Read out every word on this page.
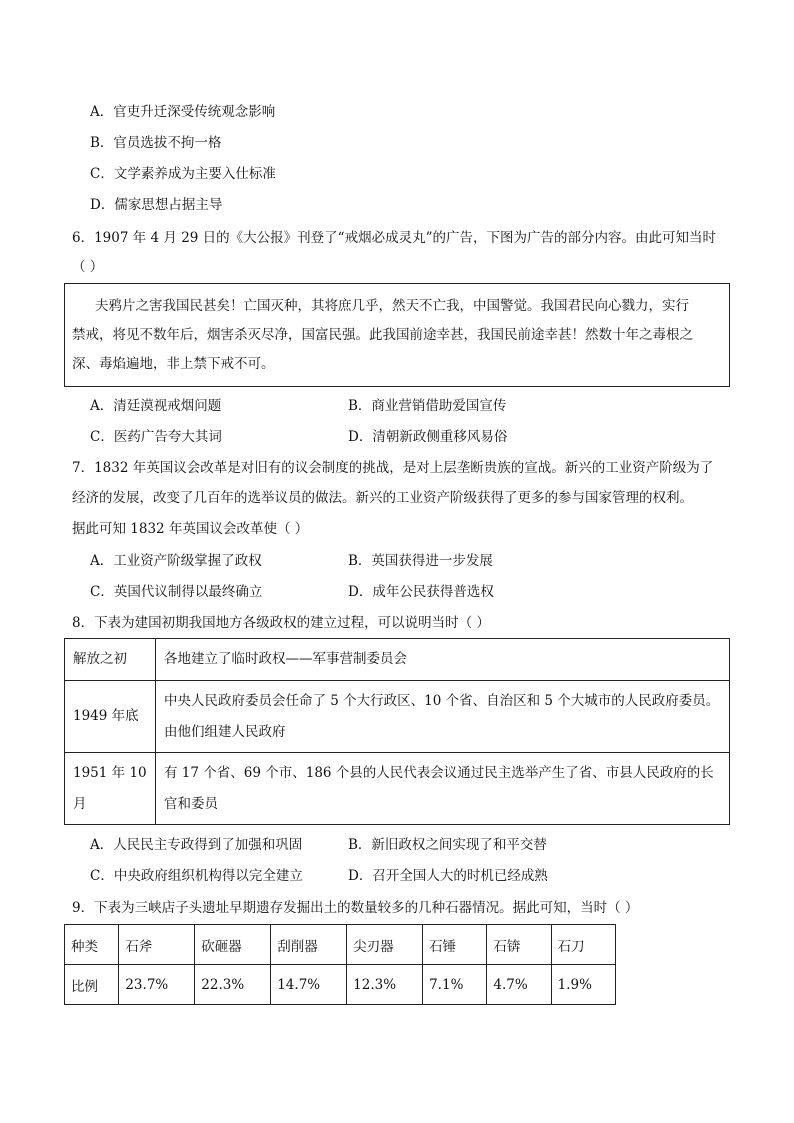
A．官吏升迁深受传统观念影响
B．官员选拔不拘一格
C．文学素养成为主要入仕标准
D．儒家思想占据主导
6．1907 年 4 月 29 日的《大公报》刊登了“戒烟必成灵丸”的广告，下图为广告的部分内容。由此可知当时
（ ）
夫鸦片之害我国民甚矣！亡国灭种，其将庶几乎，然天不亡我，中国警觉。我国君民向心戮力，实行
禁戒，将见不数年后，烟害杀灭尽净，国富民强。此我国前途幸甚，我国民前途幸甚！然数十年之毒根之
深、毒焰遍地，非上禁下戒不可。
A．清廷漠视戒烟问题	B．商业营销借助爱国宣传
C．医药广告夸大其词	D．清朝新政侧重移风易俗
7．1832 年英国议会改革是对旧有的议会制度的挑战，是对上层垄断贵族的宣战。新兴的工业资产阶级为了
经济的发展，改变了几百年的选举议员的做法。新兴的工业资产阶级获得了更多的参与国家管理的权利。
据此可知 1832 年英国议会改革使（ ）
A．工业资产阶级掌握了政权	B．英国获得进一步发展
C．英国代议制得以最终确立	D．成年公民获得普选权
8．下表为建国初期我国地方各级政权的建立过程，可以说明当时（ ）
解放之初	各地建立了临时政权——军事营制委员会

1949 年底	中央人民政府委员会任命了 5 个大行政区、10 个省、自治区和 5 个大城市的人民政府委员。
由他们组建人民政府

1951 年 10 月	有 17 个省、69 个市、186 个县的人民代表会议通过民主选举产生了省、市县人民政府的长
官和委员
A．人民民主专政得到了加强和巩固	B．新旧政权之间实现了和平交替
C．中央政府组织机构得以完全建立	D．召开全国人大的时机已经成熟
9．下表为三峡店子头遗址早期遗存发掘出土的数量较多的几种石器情况。据此可知，当时（ ）
种类	石斧	砍砸器	刮削器	尖刃器	石锤	石锛	石刀
比例	23.7%	22.3%	14.7%	12.3%	7.1%	4.7%	1.9%
